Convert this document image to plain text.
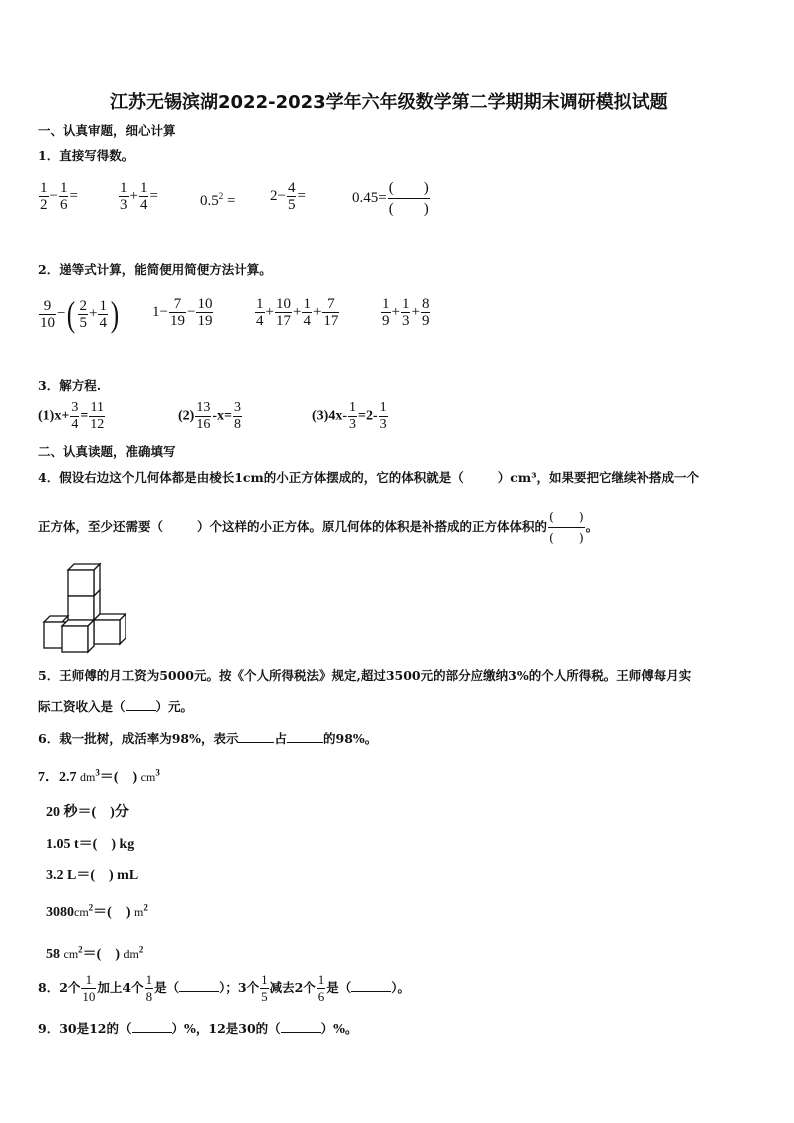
江苏无锡滨湖2022-2023学年六年级数学第二学期期末调研模拟试题
一、认真审题，细心计算
1．直接写得数。
$\frac{1}{2} - \frac{1}{6}$ =	$\frac{1}{3} + \frac{1}{4}$ =	$0.5^2 = 2- \frac{4}{5}$ =	$0.45= \frac{( )}{( )}$
2．递等式计算，能简便用简便方法计算。
$\frac{9}{10}$ −( $\frac{2}{5} + \frac{1}{4}$ ) $1- \frac{7}{19} - \frac{10}{19}$	$\frac{1}{4} + \frac{10}{17} + \frac{1}{4} + \frac{7}{17}$	$\frac{1}{9} + \frac{1}{3} + \frac{8}{9}$
3．解方程.
$(1)x+ \frac{3}{4} = \frac{11}{12}$	$(2) \frac{13}{16} -x= \frac{3}{8}$	$(3)4x- \frac{1}{3} =2- \frac{1}{3}$
二、认真读题，准确填写
4．假设右边这个几何体都是由棱长1cm的小正方体摆成的，它的体积就是（	）cm³，如果要把它继续补搭成一个
正方体，至少还需要（	）个这样的小正方体。原几何体的体积是补搭成的正方体体积的 $\frac{( )}{( )}$ 。
5．王师傅的月工资为5000元。按《个人所得税法》规定,超过3500元的部分应缴纳3%的个人所得税。王师傅每月实
际工资收入是（ ）元。
6．栽一批树，成活率为98%，表示	占	的98%。
7．2.7 $dm^3=$(　) $cm^3$
20 秒＝(　)分
1.05 t＝(　) kg
3.2 L＝(　) mL
$3080cm^2=$(　) $m^2$
58 $cm^2=$(　) $dm^2$
8．2个 $\frac{1}{10}$ 加上4个 $\frac{1}{8}$ 是（	）；3个 $\frac{1}{5}$ 减去2个 $\frac{1}{6}$ 是（	）。
9．30是12的（	）%，12是30的（	）%。
